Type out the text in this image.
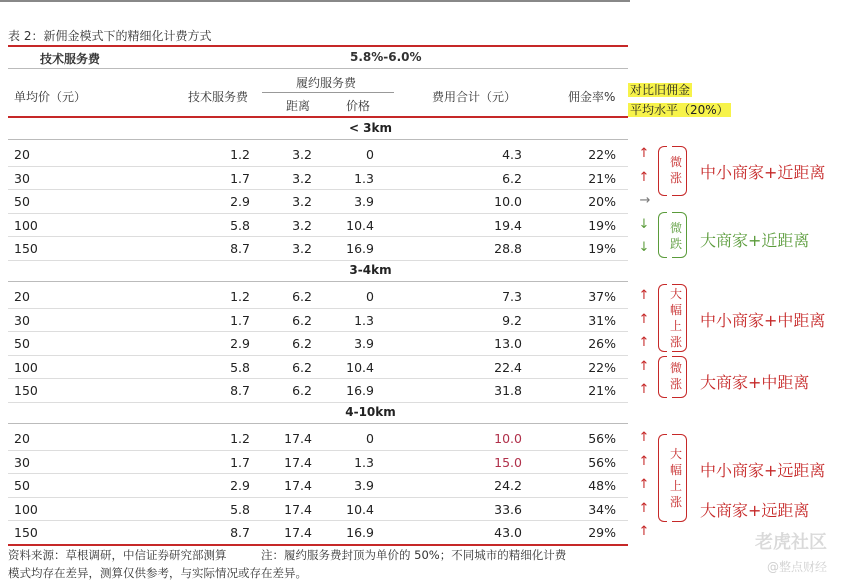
表 2：新佣金模式下的精细化计费方式
技术服务费	5.8%-6.0%
单均价（元）	技术服务费
履约服务费
距离	价格
费用合计（元）	佣金率% 对比旧佣金
平均水平（20%）
< 3km
20	1.2	3.2	0	4.3	22% ↑
30	1.7	3.2	1.3	6.2	21% ↑
50	2.9	3.2	3.9	10.0	20%	→
100	5.8	3.2	10.4	19.4	19% ↓
150	8.7	3.2	16.9	28.8	19% ↓
3-4km
20	1.2	6.2	0	7.3	37% ↑
30	1.7	6.2	1.3	9.2	31% ↑
50	2.9	6.2	3.9	13.0	26% ↑
100	5.8	6.2	10.4	22.4	22% ↑
150	8.7	6.2	16.9	31.8	21% ↑
4-10km
20	1.2	17.4	0	10.0	56% ↑
30	1.7	17.4	1.3	15.0	56% ↑
50	2.9	17.4	3.9	24.2	48% ↑
100	5.8	17.4	10.4	33.6	34% ↑
150	8.7	17.4	16.9	43.0	29% ↑
微
涨 中小商家+近距离
微
跌 大商家+近距离
大
幅
上
涨
中小商家+中距离
微
涨 大商家+中距离
大
幅
上
涨
中小商家+远距离
大商家+远距离
资料来源：草根调研，中信证券研究部测算　　　注：履约服务费封顶为单价的 50%；不同城市的精细化计费
模式均存在差异，测算仅供参考，与实际情况或存在差异。
老虎社区
@整点财经
